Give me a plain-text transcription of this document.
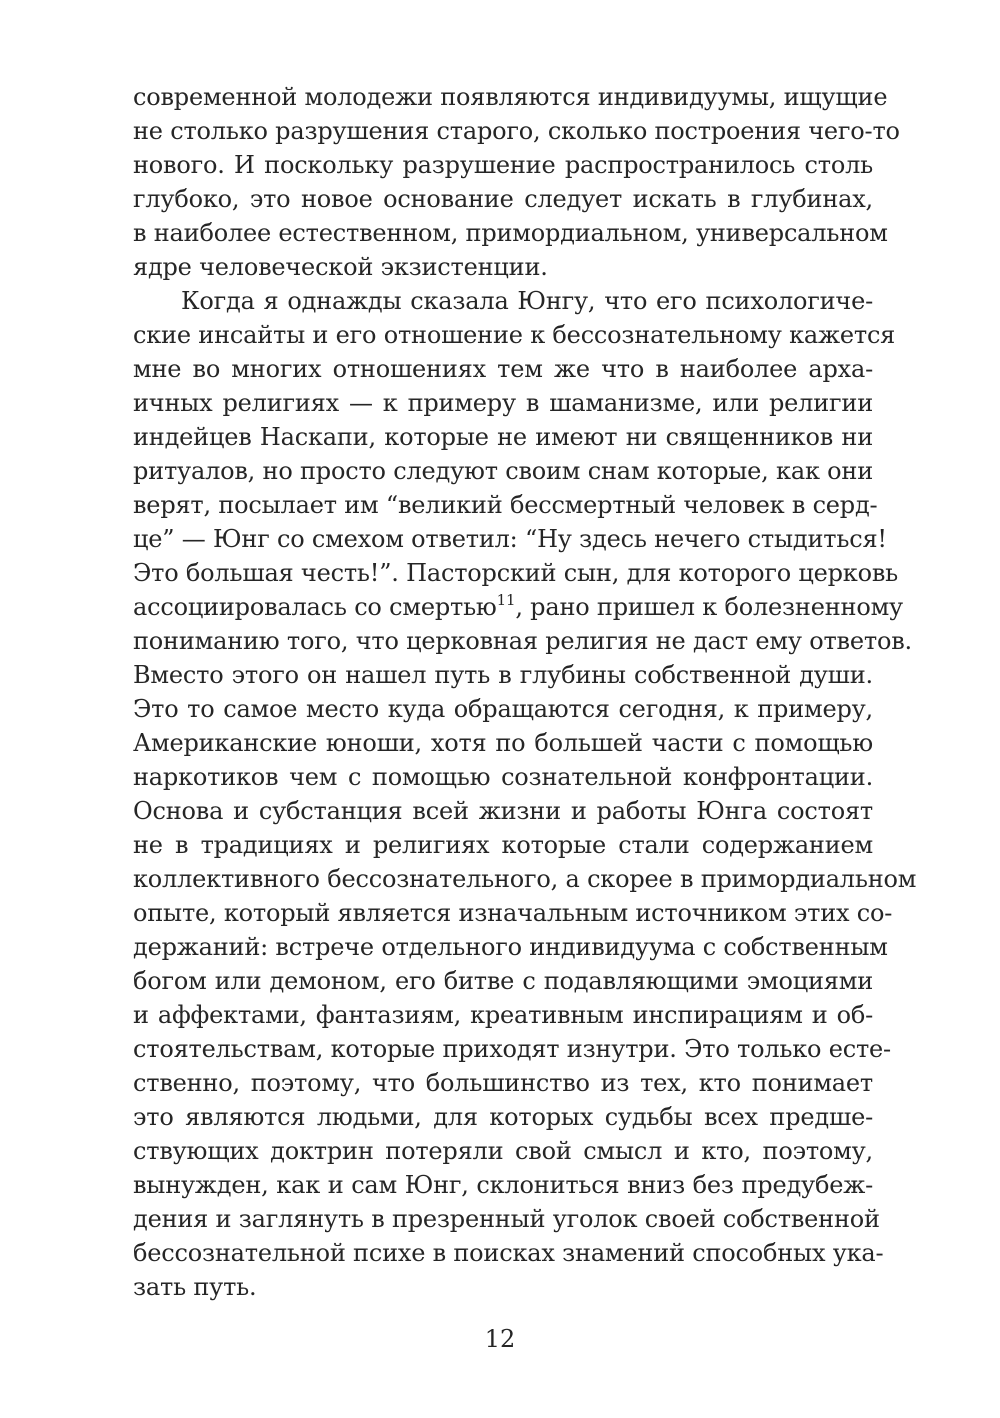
современной молодежи появляются индивидуумы, ищущие
не столько разрушения старого, сколько построения чего-то
нового. И поскольку разрушение распространилось столь
глубоко, это новое основание следует искать в глубинах,
в наиболее естественном, примордиальном, универсальном
ядре человеческой экзистенции.
Когда я однажды сказала Юнгу, что его психологиче-
ские инсайты и его отношение к бессознательному кажется
мне во многих отношениях тем же что в наиболее арха-
ичных религиях — к примеру в шаманизме, или религии
индейцев Наскапи, которые не имеют ни священников ни
ритуалов, но просто следуют своим снам которые, как они
верят, посылает им “великий бессмертный человек в серд-
це” — Юнг со смехом ответил: “Ну здесь нечего стыдиться!
Это большая честь!”. Пасторский сын, для которого церковь
ассоциировалась со смертью$^{11}$, рано пришел к болезненному
пониманию того, что церковная религия не даст ему ответов.
Вместо этого он нашел путь в глубины собственной души.
Это то самое место куда обращаются сегодня, к примеру,
Американские юноши, хотя по большей части с помощью
наркотиков чем с помощью сознательной конфронтации.
Основа и субстанция всей жизни и работы Юнга состоят
не в традициях и религиях которые стали содержанием
коллективного бессознательного, а скорее в примордиальном
опыте, который является изначальным источником этих со-
держаний: встрече отдельного индивидуума с собственным
богом или демоном, его битве с подавляющими эмоциями
и аффектами, фантазиям, креативным инспирациям и об-
стоятельствам, которые приходят изнутри. Это только есте-
ственно, поэтому, что большинство из тех, кто понимает
это являются людьми, для которых судьбы всех предше-
ствующих доктрин потеряли свой смысл и кто, поэтому,
вынужден, как и сам Юнг, склониться вниз без предубеж-
дения и заглянуть в презренный уголок своей собственной
бессознательной психе в поисках знамений способных ука-
зать путь.
12
